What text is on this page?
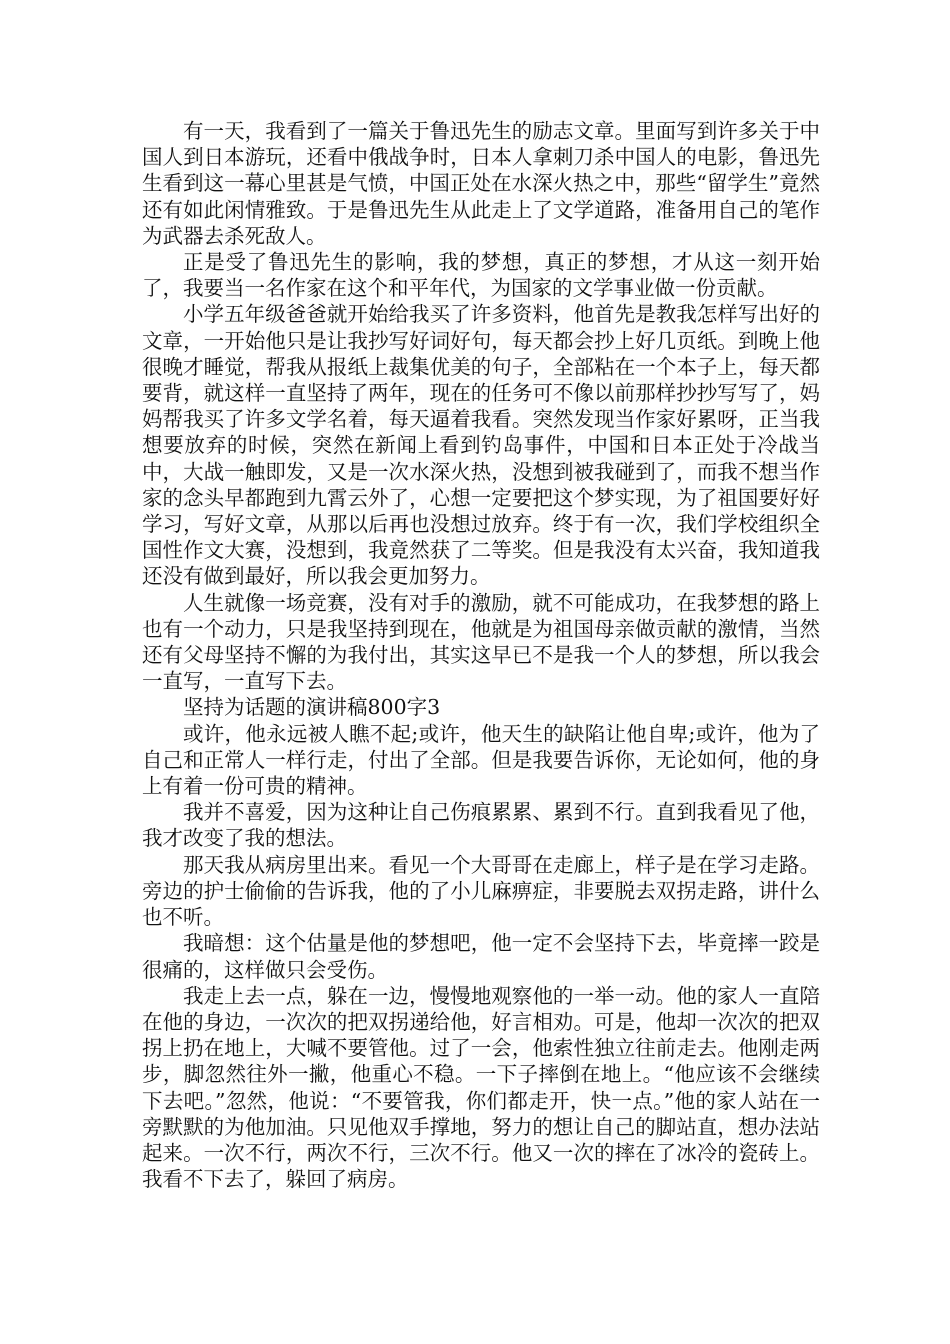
有一天，我看到了一篇关于鲁迅先生的励志文章。里面写到许多关于中国人到日本游玩，还看中俄战争时，日本人拿刺刀杀中国人的电影，鲁迅先生看到这一幕心里甚是气愤，中国正处在水深火热之中，那些“留学生”竟然还有如此闲情雅致。于是鲁迅先生从此走上了文学道路，准备用自己的笔作为武器去杀死敌人。

正是受了鲁迅先生的影响，我的梦想，真正的梦想，才从这一刻开始了，我要当一名作家在这个和平年代，为国家的文学事业做一份贡献。

小学五年级爸爸就开始给我买了许多资料，他首先是教我怎样写出好的文章，一开始他只是让我抄写好词好句，每天都会抄上好几页纸。到晚上他很晚才睡觉，帮我从报纸上裁集优美的句子，全部粘在一个本子上，每天都要背，就这样一直坚持了两年，现在的任务可不像以前那样抄抄写写了，妈妈帮我买了许多文学名着，每天逼着我看。突然发现当作家好累呀，正当我想要放弃的时候，突然在新闻上看到钓岛事件，中国和日本正处于冷战当中，大战一触即发，又是一次水深火热，没想到被我碰到了，而我不想当作家的念头早都跑到九霄云外了，心想一定要把这个梦实现，为了祖国要好好学习，写好文章，从那以后再也没想过放弃。终于有一次，我们学校组织全国性作文大赛，没想到，我竟然获了二等奖。但是我没有太兴奋，我知道我还没有做到最好，所以我会更加努力。

人生就像一场竞赛，没有对手的激励，就不可能成功，在我梦想的路上也有一个动力，只是我坚持到现在，他就是为祖国母亲做贡献的激情，当然还有父母坚持不懈的为我付出，其实这早已不是我一个人的梦想，所以我会一直写，一直写下去。

坚持为话题的演讲稿800字3

或许，他永远被人瞧不起;或许，他天生的缺陷让他自卑;或许，他为了自己和正常人一样行走，付出了全部。但是我要告诉你，无论如何，他的身上有着一份可贵的精神。

我并不喜爱，因为这种让自己伤痕累累、累到不行。直到我看见了他，我才改变了我的想法。

那天我从病房里出来。看见一个大哥哥在走廊上，样子是在学习走路。旁边的护士偷偷的告诉我，他的了小儿麻痹症，非要脱去双拐走路，讲什么也不听。

我暗想：这个估量是他的梦想吧，他一定不会坚持下去，毕竟摔一跤是很痛的，这样做只会受伤。

我走上去一点，躲在一边，慢慢地观察他的一举一动。他的家人一直陪在他的身边，一次次的把双拐递给他，好言相劝。可是，他却一次次的把双拐上扔在地上，大喊不要管他。过了一会，他索性独立往前走去。他刚走两步，脚忽然往外一撇，他重心不稳。一下子摔倒在地上。“他应该不会继续下去吧。”忽然，他说：“不要管我，你们都走开，快一点。”他的家人站在一旁默默的为他加油。只见他双手撑地，努力的想让自己的脚站直，想办法站起来。一次不行，两次不行，三次不行。他又一次的摔在了冰冷的瓷砖上。我看不下去了，躲回了病房。
